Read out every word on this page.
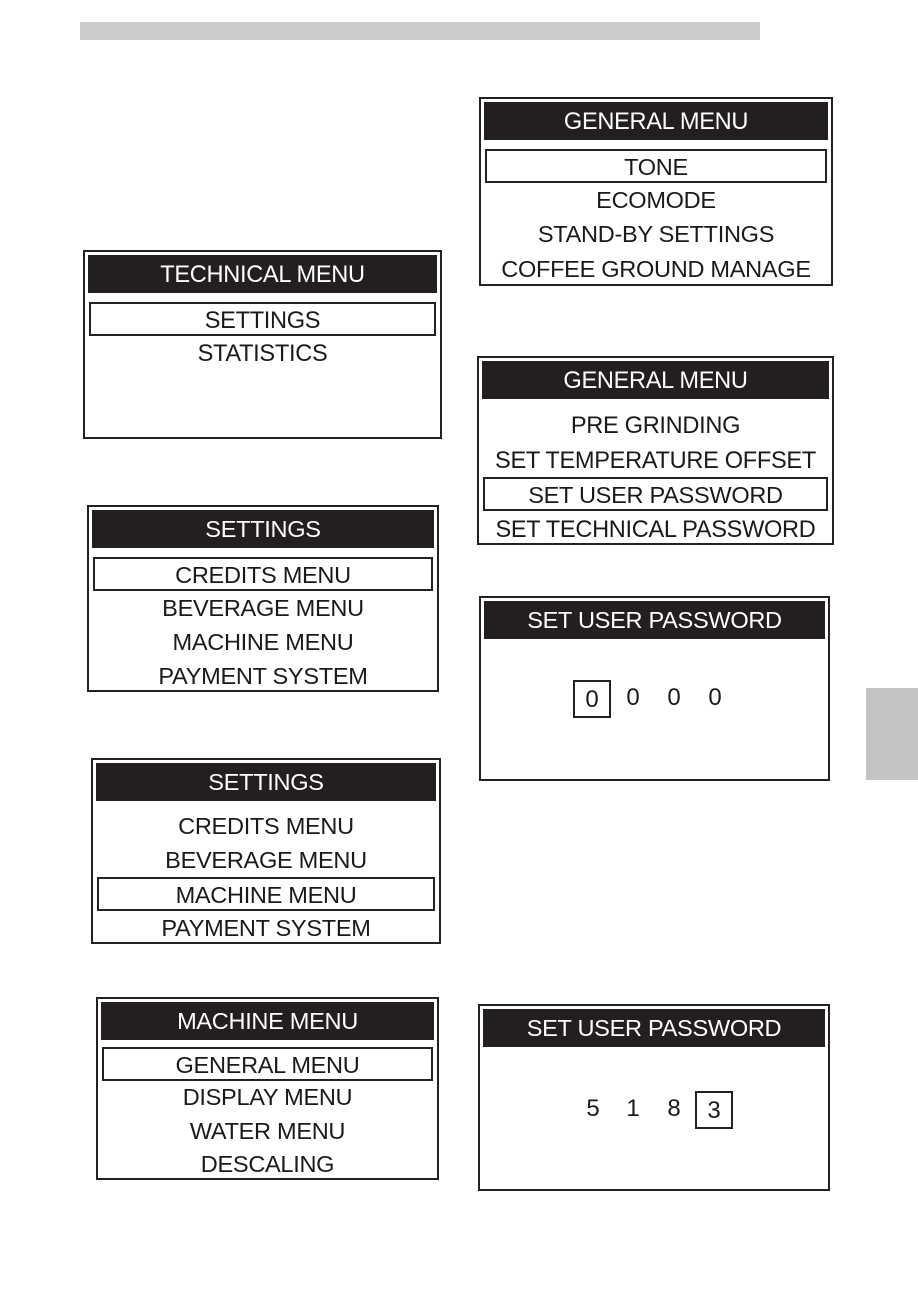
TECHNICAL MENU
SETTINGS
STATISTICS
SETTINGS
CREDITS MENU
BEVERAGE MENU
MACHINE MENU
PAYMENT SYSTEM
SETTINGS
CREDITS MENU
BEVERAGE MENU
MACHINE MENU
PAYMENT SYSTEM
MACHINE MENU
GENERAL MENU
DISPLAY MENU
WATER MENU
DESCALING
GENERAL MENU
TONE
ECOMODE
STAND-BY SETTINGS
COFFEE GROUND MANAGE
GENERAL MENU
PRE GRINDING
SET TEMPERATURE OFFSET
SET USER PASSWORD
SET TECHNICAL PASSWORD
SET USER PASSWORD
0	0	0	0
SET USER PASSWORD
5	1	8	3
